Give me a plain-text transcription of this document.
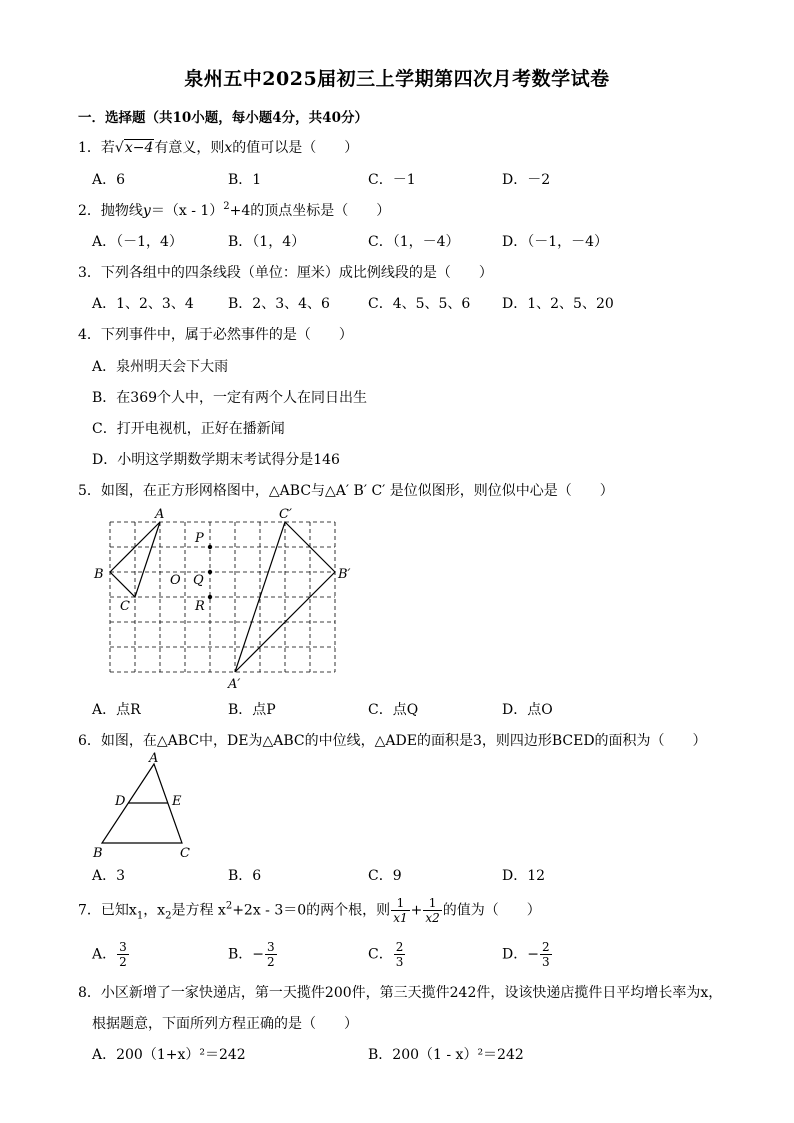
泉州五中2025届初三上学期第四次月考数学试卷
一．选择题（共10小题，每小题4分，共40分）
1．若√x−4有意义，则x的值可以是（　　）
A．6	B．1	C．－1	D．－2
2．抛物线y＝（x - 1）$^2$+4的顶点坐标是（　　）
A．（－1，4）	B．（1，4）	C．（1，－4）	D．（－1，－4）
3．下列各组中的四条线段（单位：厘米）成比例线段的是（　　）
A．1、2、3、4 B．2、3、4、6	C．4、5、5、6 D．1、2、5、20
4．下列事件中，属于必然事件的是（　　）
A．泉州明天会下大雨
B．在369个人中，一定有两个人在同日出生
C．打开电视机，正好在播新闻
D．小明这学期数学期末考试得分是146
5．如图，在正方形网格图中，△ABC与△A′ B′ C′ 是位似图形，则位似中心是（　　）
A
B
C
C′
B′
A′
O
P
Q
R
A．点R	B．点P	C．点Q	D．点O
6．如图，在△ABC中，DE为△ABC的中位线，△ADE的面积是3，则四边形BCED的面积为（　　）
A
D	E
B	C
A．3	B．6	C．9	D．12
7．已知$x_1$，$x_2$是方程 $x^2+2x - 3=0$的两个根，则 $\frac{1}{x1} + \frac{1}{x2}$ 的值为（　　）
A． $\frac{3}{2}$	B．− $\frac{3}{2}$	C． $\frac{2}{3}$	D．− $\frac{2}{3}$
8．小区新增了一家快递店，第一天揽件200件，第三天揽件242件，设该快递店揽件日平均增长率为x，
根据题意，下面所列方程正确的是（　　）
A．200（1+x）²＝242	B．200（1 - x）²＝242
